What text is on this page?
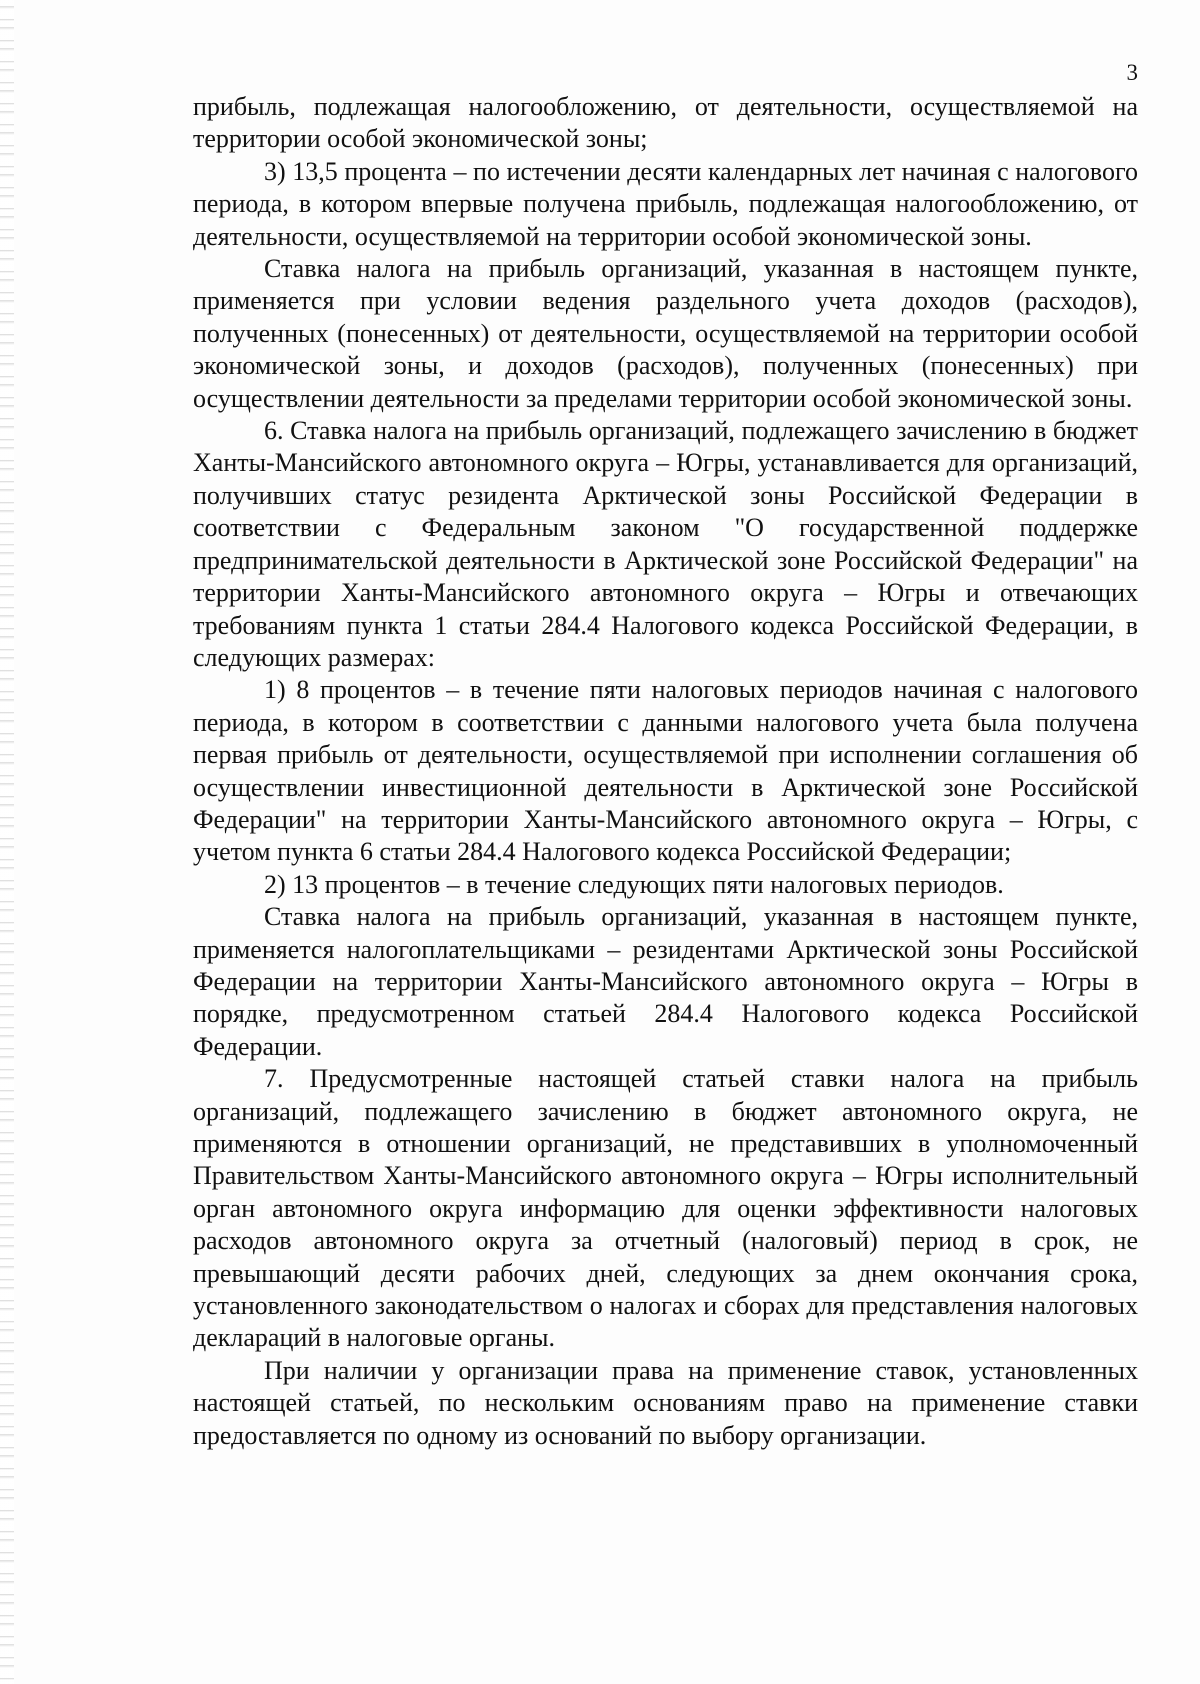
3

прибыль, подлежащая налогообложению, от деятельности, осуществляемой на территории особой экономической зоны;

3) 13,5 процента – по истечении десяти календарных лет начиная с налогового периода, в котором впервые получена прибыль, подлежащая налогообложению, от деятельности, осуществляемой на территории особой экономической зоны.

Ставка налога на прибыль организаций, указанная в настоящем пункте, применяется при условии ведения раздельного учета доходов (расходов), полученных (понесенных) от деятельности, осуществляемой на территории особой экономической зоны, и доходов (расходов), полученных (понесенных) при осуществлении деятельности за пределами территории особой экономической зоны.

6. Ставка налога на прибыль организаций, подлежащего зачислению в бюджет Ханты-Мансийского автономного округа – Югры, устанавливается для организаций, получивших статус резидента Арктической зоны Российской Федерации в соответствии с Федеральным законом "О государственной поддержке предпринимательской деятельности в Арктической зоне Российской Федерации" на территории Ханты-Мансийского автономного округа – Югры и отвечающих требованиям пункта 1 статьи 284.4 Налогового кодекса Российской Федерации, в следующих размерах:

1) 8 процентов – в течение пяти налоговых периодов начиная с налогового периода, в котором в соответствии с данными налогового учета была получена первая прибыль от деятельности, осуществляемой при исполнении соглашения об осуществлении инвестиционной деятельности в Арктической зоне Российской Федерации" на территории Ханты-Мансийского автономного округа – Югры, с учетом пункта 6 статьи 284.4 Налогового кодекса Российской Федерации;

2) 13 процентов – в течение следующих пяти налоговых периодов.

Ставка налога на прибыль организаций, указанная в настоящем пункте, применяется налогоплательщиками – резидентами Арктической зоны Российской Федерации на территории Ханты-Мансийского автономного округа – Югры в порядке, предусмотренном статьей 284.4 Налогового кодекса Российской Федерации.

7. Предусмотренные настоящей статьей ставки налога на прибыль организаций, подлежащего зачислению в бюджет автономного округа, не применяются в отношении организаций, не представивших в уполномоченный Правительством Ханты-Мансийского автономного округа – Югры исполнительный орган автономного округа информацию для оценки эффективности налоговых расходов автономного округа за отчетный (налоговый) период в срок, не превышающий десяти рабочих дней, следующих за днем окончания срока, установленного законодательством о налогах и сборах для представления налоговых деклараций в налоговые органы.

При наличии у организации права на применение ставок, установленных настоящей статьей, по нескольким основаниям право на применение ставки предоставляется по одному из оснований по выбору организации.
